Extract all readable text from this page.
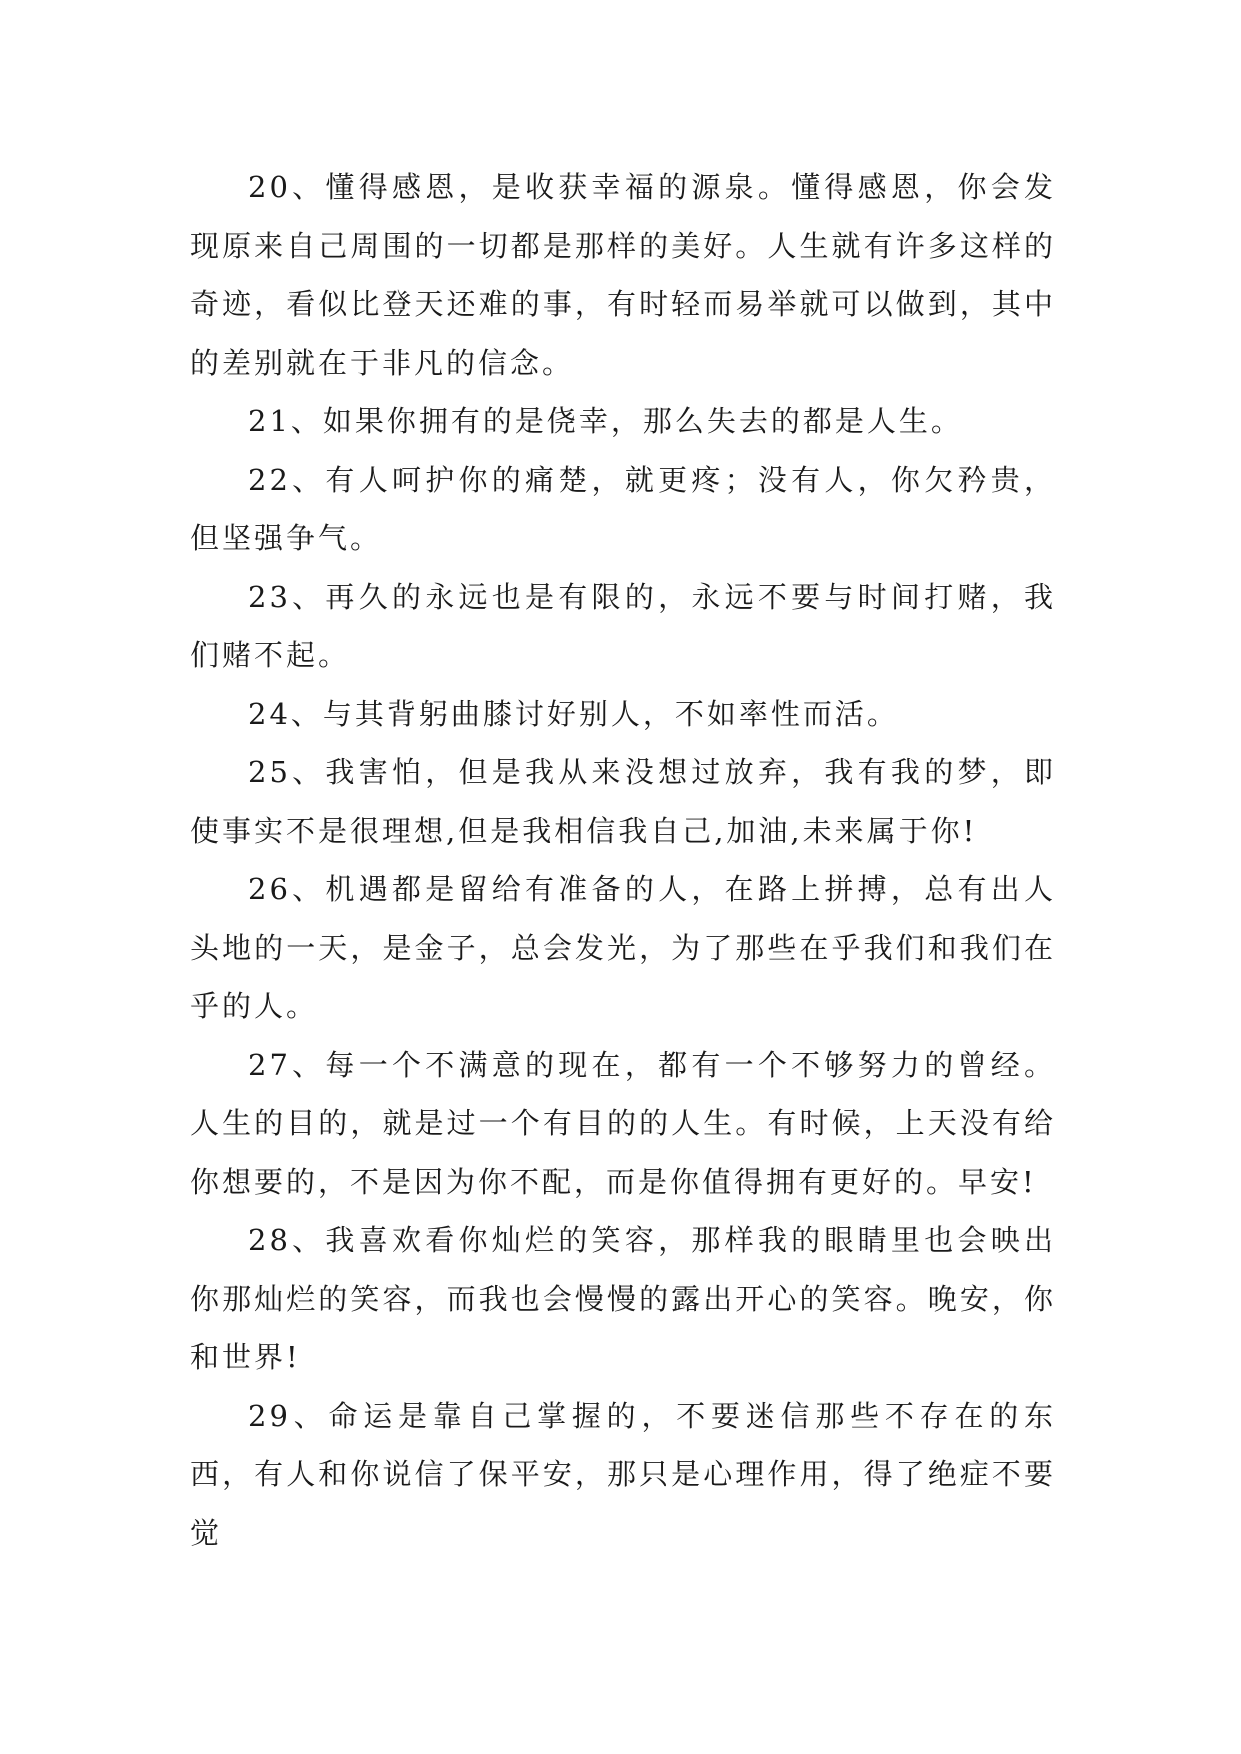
20、懂得感恩，是收获幸福的源泉。懂得感恩，你会发现原来自己周围的一切都是那样的美好。人生就有许多这样的奇迹，看似比登天还难的事，有时轻而易举就可以做到，其中的差别就在于非凡的信念。

21、如果你拥有的是侥幸，那么失去的都是人生。

22、有人呵护你的痛楚，就更疼；没有人，你欠矜贵，但坚强争气。

23、再久的永远也是有限的，永远不要与时间打赌，我们赌不起。

24、与其背躬曲膝讨好别人，不如率性而活。

25、我害怕，但是我从来没想过放弃，我有我的梦，即使事实不是很理想,但是我相信我自己,加油,未来属于你!

26、机遇都是留给有准备的人，在路上拼搏，总有出人头地的一天，是金子，总会发光，为了那些在乎我们和我们在乎的人。

27、每一个不满意的现在，都有一个不够努力的曾经。人生的目的，就是过一个有目的的人生。有时候，上天没有给你想要的，不是因为你不配，而是你值得拥有更好的。早安!

28、我喜欢看你灿烂的笑容，那样我的眼睛里也会映出你那灿烂的笑容，而我也会慢慢的露出开心的笑容。晚安，你和世界!

29、命运是靠自己掌握的，不要迷信那些不存在的东西，有人和你说信了保平安，那只是心理作用，得了绝症不要觉
